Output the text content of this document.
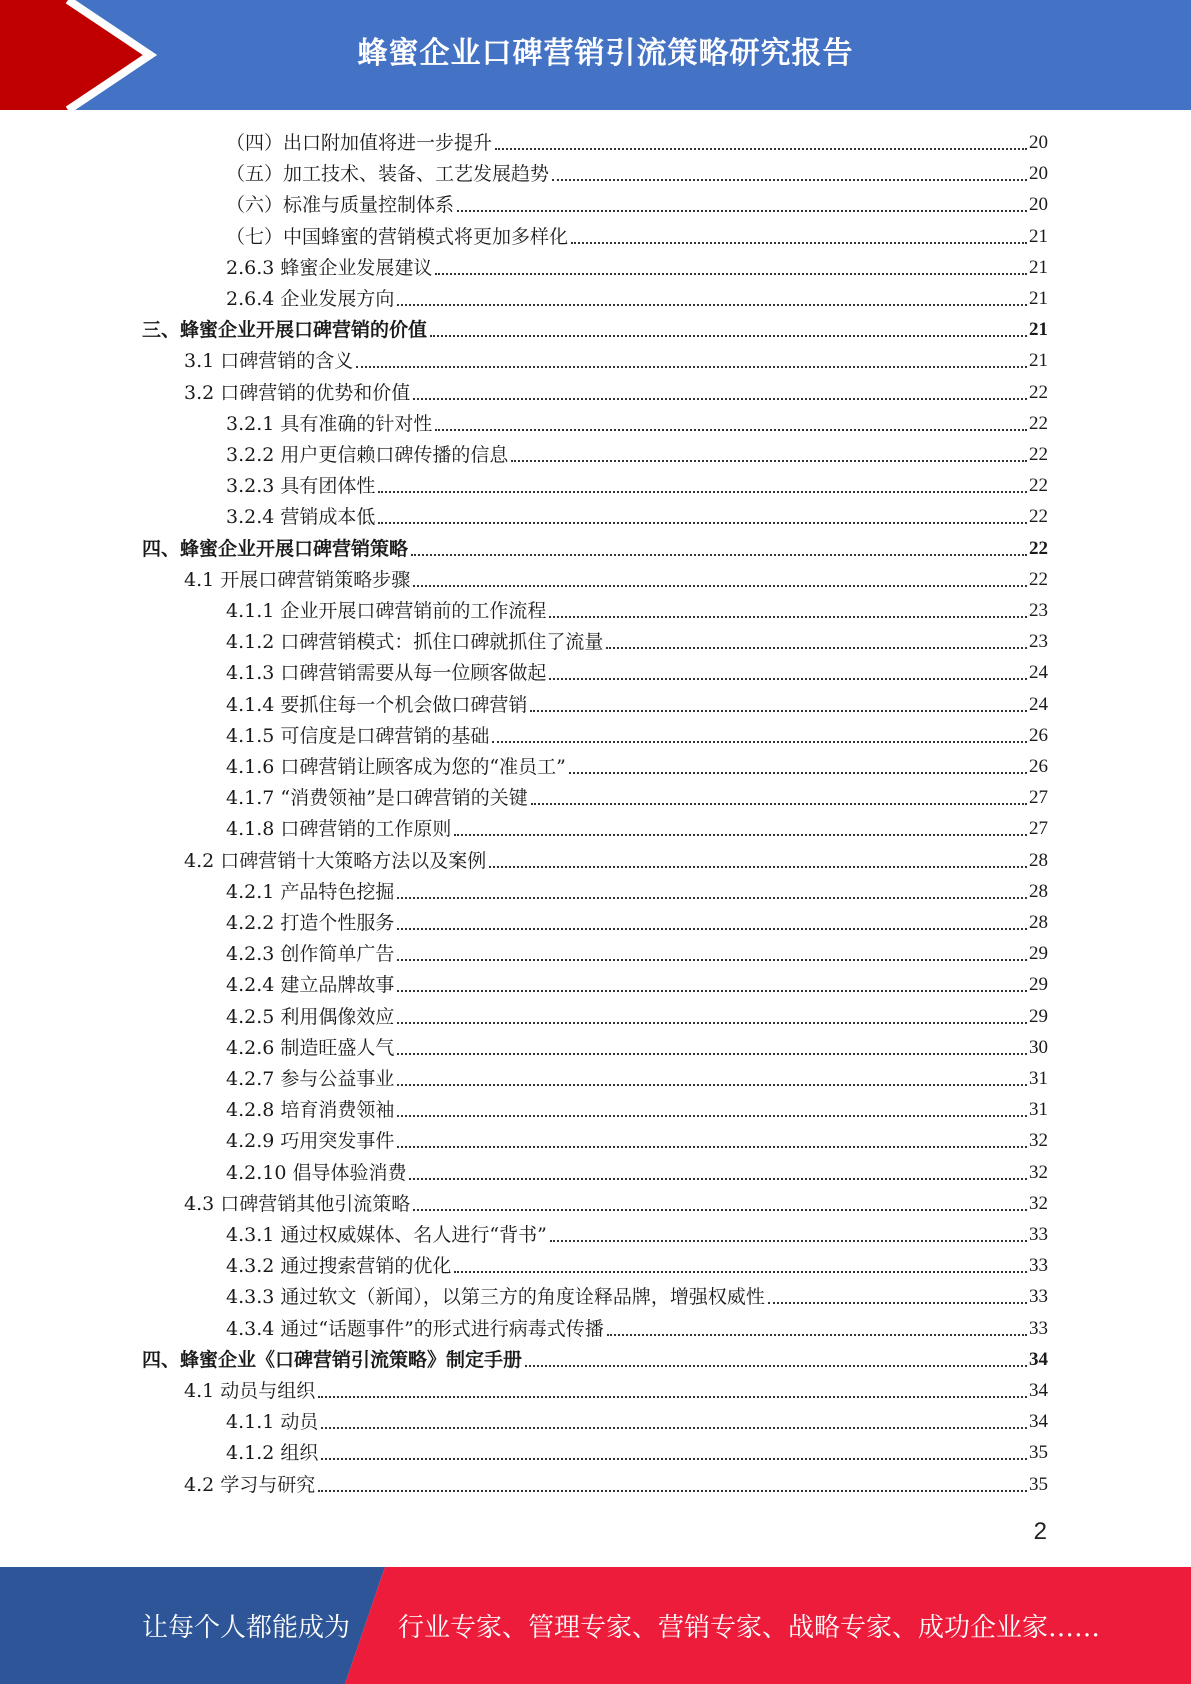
蜂蜜企业口碑营销引流策略研究报告
（四）出口附加值将进一步提升	20
（五）加工技术、装备、工艺发展趋势	20
（六）标准与质量控制体系	20
（七）中国蜂蜜的营销模式将更加多样化	21
2.6.3 蜂蜜企业发展建议	21
2.6.4 企业发展方向	21
三、蜂蜜企业开展口碑营销的价值	21
3.1 口碑营销的含义	21
3.2 口碑营销的优势和价值	22
3.2.1 具有准确的针对性	22
3.2.2 用户更信赖口碑传播的信息	22
3.2.3 具有团体性	22
3.2.4 营销成本低	22
四、蜂蜜企业开展口碑营销策略	22
4.1 开展口碑营销策略步骤	22
4.1.1 企业开展口碑营销前的工作流程	23
4.1.2 口碑营销模式：抓住口碑就抓住了流量	23
4.1.3 口碑营销需要从每一位顾客做起	24
4.1.4 要抓住每一个机会做口碑营销	24
4.1.5 可信度是口碑营销的基础	26
4.1.6 口碑营销让顾客成为您的“准员工”	26
4.1.7 “消费领袖”是口碑营销的关键	27
4.1.8 口碑营销的工作原则	27
4.2 口碑营销十大策略方法以及案例	28
4.2.1 产品特色挖掘	28
4.2.2 打造个性服务	28
4.2.3 创作简单广告	29
4.2.4 建立品牌故事	29
4.2.5 利用偶像效应	29
4.2.6 制造旺盛人气	30
4.2.7 参与公益事业	31
4.2.8 培育消费领袖	31
4.2.9 巧用突发事件	32
4.2.10 倡导体验消费	32
4.3 口碑营销其他引流策略	32
4.3.1 通过权威媒体、名人进行“背书”	33
4.3.2 通过搜索营销的优化	33
4.3.3 通过软文（新闻），以第三方的角度诠释品牌，增强权威性	33
4.3.4 通过“话题事件”的形式进行病毒式传播	33
四、蜂蜜企业《口碑营销引流策略》制定手册	34
4.1 动员与组织	34
4.1.1 动员	34
4.1.2 组织	35
4.2 学习与研究	35
2
让每个人都能成为 行业专家、管理专家、营销专家、战略专家、成功企业家……
